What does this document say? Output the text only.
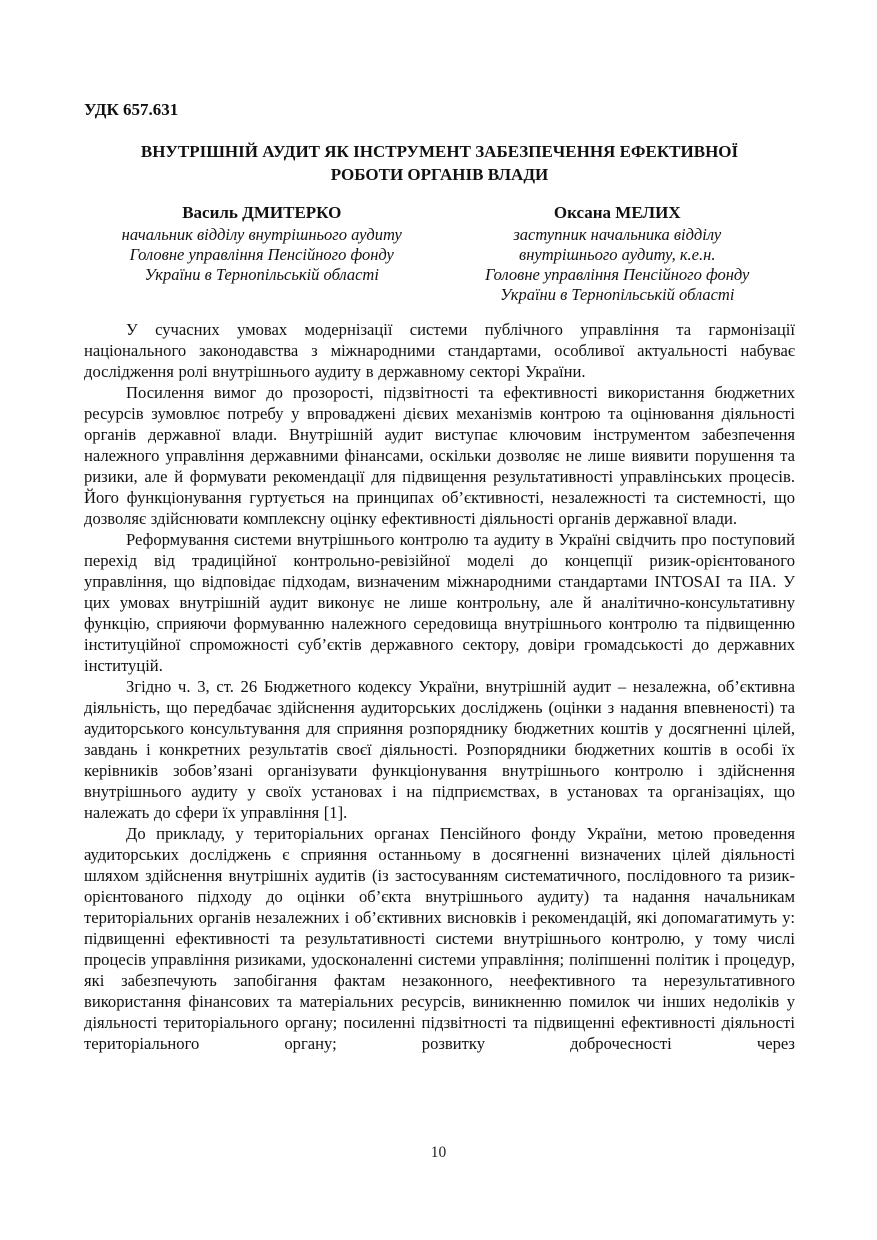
УДК 657.631
ВНУТРІШНІЙ АУДИТ ЯК ІНСТРУМЕНТ ЗАБЕЗПЕЧЕННЯ ЕФЕКТИВНОЇ РОБОТИ ОРГАНІВ ВЛАДИ
Василь ДМИТЕРКО
начальник відділу внутрішнього аудиту
Головне управління Пенсійного фонду
України в Тернопільській області
Оксана МЕЛИХ
заступник начальника відділу
внутрішнього аудиту, к.е.н.
Головне управління Пенсійного фонду
України в Тернопільській області

У сучасних умовах модернізації системи публічного управління та гармонізації національного законодавства з міжнародними стандартами, особливої актуальності набуває дослідження ролі внутрішнього аудиту в державному секторі України.

Посилення вимог до прозорості, підзвітності та ефективності використання бюджетних ресурсів зумовлює потребу у впроваджені дієвих механізмів контрою та оцінювання діяльності органів державної влади. Внутрішній аудит виступає ключовим інструментом забезпечення належного управління державними фінансами, оскільки дозволяє не лише виявити порушення та ризики, але й формувати рекомендації для підвищення результативності управлінських процесів. Його функціонування гуртується на принципах об’єктивності, незалежності та системності, що дозволяє здійснювати комплексну оцінку ефективності діяльності органів державної влади.

Реформування системи внутрішнього контролю та аудиту в Україні свідчить про поступовий перехід від традиційної контрольно-ревізійної моделі до концепції ризик-орієнтованого управління, що відповідає підходам, визначеним міжнародними стандартами INTOSAI та IIA. У цих умовах внутрішній аудит виконує не лише контрольну, але й аналітично-консультативну функцію, сприяючи формуванню належного середовища внутрішнього контролю та підвищенню інституційної спроможності суб’єктів державного сектору, довіри громадськості до державних інституцій.

Згідно ч. 3, ст. 26 Бюджетного кодексу України, внутрішній аудит – незалежна, об’єктивна діяльність, що передбачає здійснення аудиторських досліджень (оцінки з надання впевненості) та аудиторського консультування для сприяння розпоряднику бюджетних коштів у досягненні цілей, завдань і конкретних результатів своєї діяльності. Розпорядники бюджетних коштів в особі їх керівників зобов’язані організувати функціонування внутрішнього контролю і здійснення внутрішнього аудиту у своїх установах і на підприємствах, в установах та організаціях, що належать до сфери їх управління [1].

До прикладу, у територіальних органах Пенсійного фонду України, метою проведення аудиторських досліджень є сприяння останньому в досягненні визначених цілей діяльності шляхом здійснення внутрішніх аудитів (із застосуванням систематичного, послідовного та ризик-орієнтованого підходу до оцінки об’єкта внутрішнього аудиту) та надання начальникам територіальних органів незалежних і об’єктивних висновків і рекомендацій, які допомагатимуть у: підвищенні ефективності та результативності системи внутрішнього контролю, у тому числі процесів управління ризиками, удосконаленні системи управління; поліпшенні політик і процедур, які забезпечують запобігання фактам незаконного, неефективного та нерезультативного використання фінансових та матеріальних ресурсів, виникненню помилок чи інших недоліків у діяльності територіального органу; посиленні підзвітності та підвищенні ефективності діяльності територіального органу; розвитку доброчесності через

10
